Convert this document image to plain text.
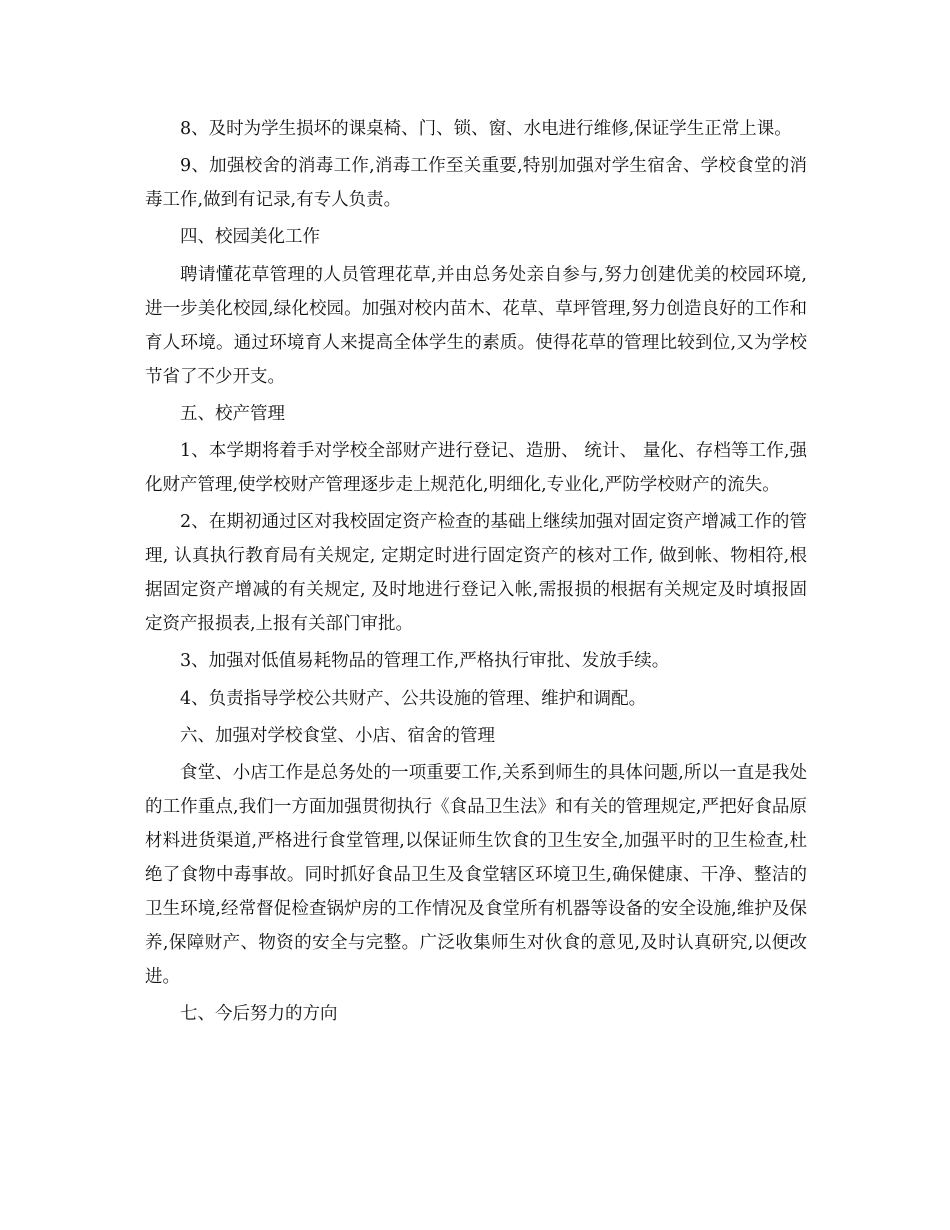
8、及时为学生损坏的课桌椅、门、锁、窗、水电进行维修,保证学生正常上课。

9、加强校舍的消毒工作,消毒工作至关重要,特别加强对学生宿舍、学校食堂的消毒工作,做到有记录,有专人负责。

四、校园美化工作

聘请懂花草管理的人员管理花草,并由总务处亲自参与,努力创建优美的校园环境,进一步美化校园,绿化校园。加强对校内苗木、花草、草坪管理,努力创造良好的工作和育人环境。通过环境育人来提高全体学生的素质。使得花草的管理比较到位,又为学校节省了不少开支。

五、校产管理

1、本学期将着手对学校全部财产进行登记、造册、 统计、 量化、存档等工作,强化财产管理,使学校财产管理逐步走上规范化,明细化,专业化,严防学校财产的流失。

2、在期初通过区对我校固定资产检查的基础上继续加强对固定资产增减工作的管理, 认真执行教育局有关规定, 定期定时进行固定资产的核对工作, 做到帐、物相符,根据固定资产增减的有关规定, 及时地进行登记入帐,需报损的根据有关规定及时填报固定资产报损表,上报有关部门审批。

3、加强对低值易耗物品的管理工作,严格执行审批、发放手续。

4、负责指导学校公共财产、公共设施的管理、维护和调配。

六、加强对学校食堂、小店、宿舍的管理

食堂、小店工作是总务处的一项重要工作,关系到师生的具体问题,所以一直是我处的工作重点,我们一方面加强贯彻执行《食品卫生法》和有关的管理规定,严把好食品原材料进货渠道,严格进行食堂管理,以保证师生饮食的卫生安全,加强平时的卫生检查,杜绝了食物中毒事故。同时抓好食品卫生及食堂辖区环境卫生,确保健康、干净、整洁的卫生环境,经常督促检查锅炉房的工作情况及食堂所有机器等设备的安全设施,维护及保养,保障财产、物资的安全与完整。广泛收集师生对伙食的意见,及时认真研究,以便改进。

七、今后努力的方向
